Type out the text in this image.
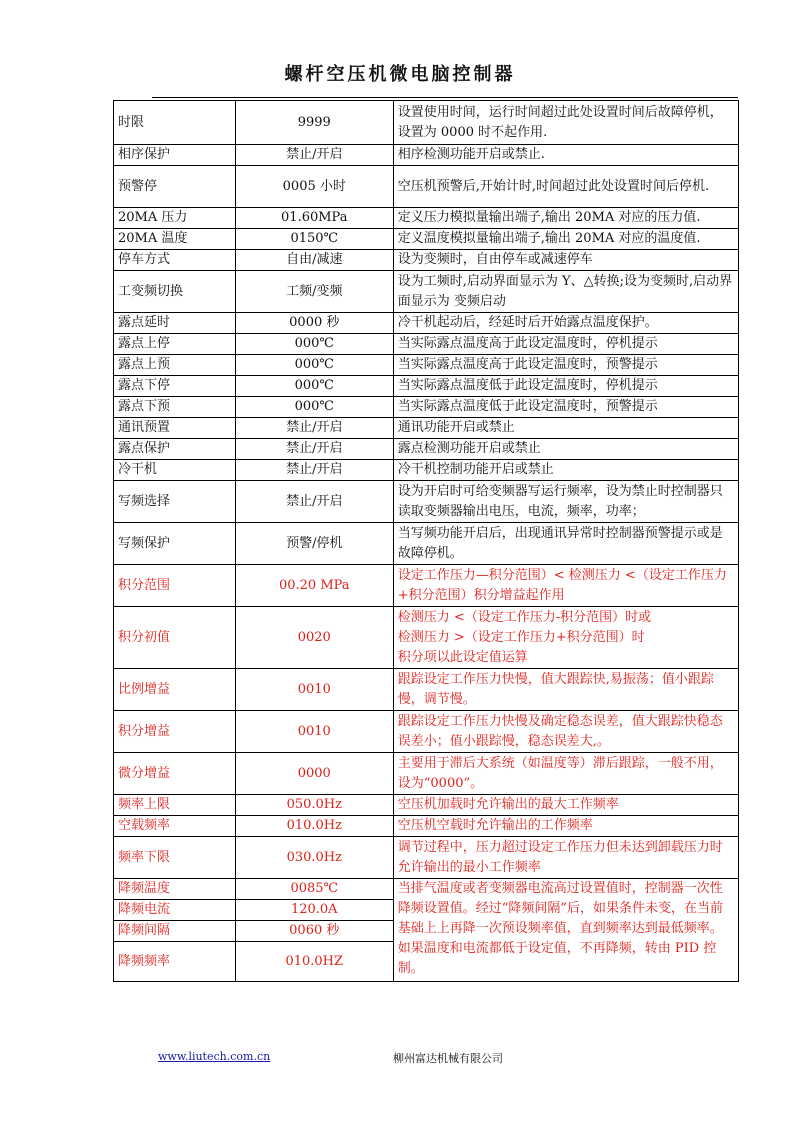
螺杆空压机微电脑控制器
时限	9999	设置使用时间，运行时间超过此处设置时间后故障停机，设置为 0000 时不起作用.
相序保护	禁止/开启	相序检测功能开启或禁止.
预警停	0005 小时	空压机预警后,开始计时,时间超过此处设置时间后停机.
20MA 压力	01.60MPa	定义压力模拟量输出端子,输出 20MA 对应的压力值.
20MA 温度	0150℃	定义温度模拟量输出端子,输出 20MA 对应的温度值.
停车方式	自由/减速	设为变频时，自由停车或减速停车
工变频切换	工频/变频	设为工频时,启动界面显示为 Y、△转换;设为变频时,启动界面显示为 变频启动
露点延时	0000 秒	冷干机起动后，经延时后开始露点温度保护。
露点上停	000℃	当实际露点温度高于此设定温度时，停机提示
露点上预	000℃	当实际露点温度高于此设定温度时，预警提示
露点下停	000℃	当实际露点温度低于此设定温度时，停机提示
露点下预	000℃	当实际露点温度低于此设定温度时，预警提示
通讯预置	禁止/开启	通讯功能开启或禁止
露点保护	禁止/开启	露点检测功能开启或禁止
冷干机	禁止/开启	冷干机控制功能开启或禁止
写频选择	禁止/开启	设为开启时可给变频器写运行频率，设为禁止时控制器只读取变频器输出电压，电流，频率，功率；
写频保护	预警/停机	当写频功能开启后，出现通讯异常时控制器预警提示或是故障停机。
积分范围	00.20 MPa	设定工作压力—积分范围）< 检测压力 <（设定工作压力+积分范围）积分增益起作用
积分初值	0020	检测压力 <（设定工作压力-积分范围）时或
检测压力 >（设定工作压力+积分范围）时
积分项以此设定值运算
比例增益	0010	跟踪设定工作压力快慢，值大跟踪快,易振荡；值小跟踪慢，调节慢。
积分增益	0010	跟踪设定工作压力快慢及确定稳态误差，值大跟踪快稳态误差小；值小跟踪慢，稳态误差大,。
微分增益	0000	主要用于滞后大系统（如温度等）滞后跟踪，一般不用，设为“0000”。
频率上限	050.0Hz	空压机加载时允许输出的最大工作频率
空载频率	010.0Hz	空压机空载时允许输出的工作频率
频率下限	030.0Hz	调节过程中，压力超过设定工作压力但未达到卸载压力时允许输出的最小工作频率
降频温度	0085℃	当排气温度或者变频器电流高过设置值时，控制器一次性降频设置值。经过“降频间隔”后，如果条件未变，在当前基础上上再降一次预设频率值，直到频率达到最低频率。如果温度和电流都低于设定值，不再降频，转由 PID 控制。
降频电流	120.0A	
降频间隔	0060 秒	
降频频率	010.0HZ	
www.liutech.com.cn	柳州富达机械有限公司
